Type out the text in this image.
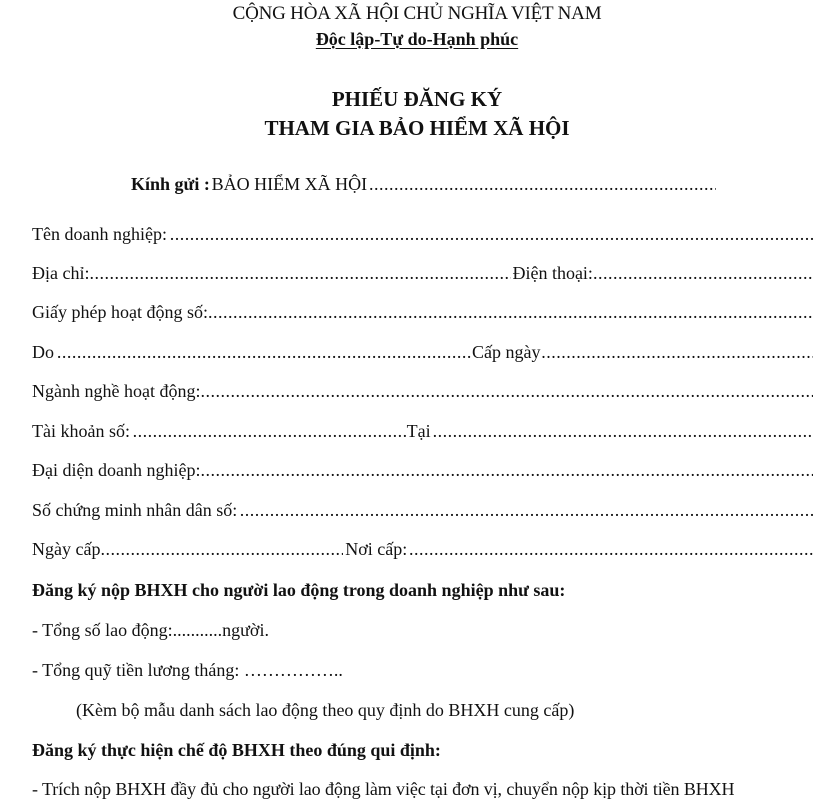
CỘNG HÒA XÃ HỘI CHỦ NGHĨA VIỆT NAM
Độc lập-Tự do-Hạnh phúc
PHIẾU ĐĂNG KÝ
THAM GIA BẢO HIỂM XÃ HỘI
Kính gửi : BẢO HIỂM XÃ HỘI
.....
Tên doanh nghiệp:
.....
Địa chỉ: .....	Điện thoại:
.....
Giấy phép hoạt động số:
.....
Do .....	Cấp ngày
.....
Ngành nghề hoạt động:
.....
Tài khoản số: .....	Tại
.....
Đại diện doanh nghiệp:
.....
Số chứng minh nhân dân số:
.....
Ngày cấp .....	Nơi cấp:
.....
Đăng ký nộp BHXH cho người lao động trong doanh nghiệp như sau:
- Tổng số lao động:...........người.
- Tổng quỹ tiền lương tháng: ……………..
(Kèm bộ mẫu danh sách lao động theo quy định do BHXH cung cấp)
Đăng ký thực hiện chế độ BHXH theo đúng qui định:
- Trích nộp BHXH đầy đủ cho người lao động làm việc tại đơn vị, chuyển nộp kịp thời tiền BHXH
